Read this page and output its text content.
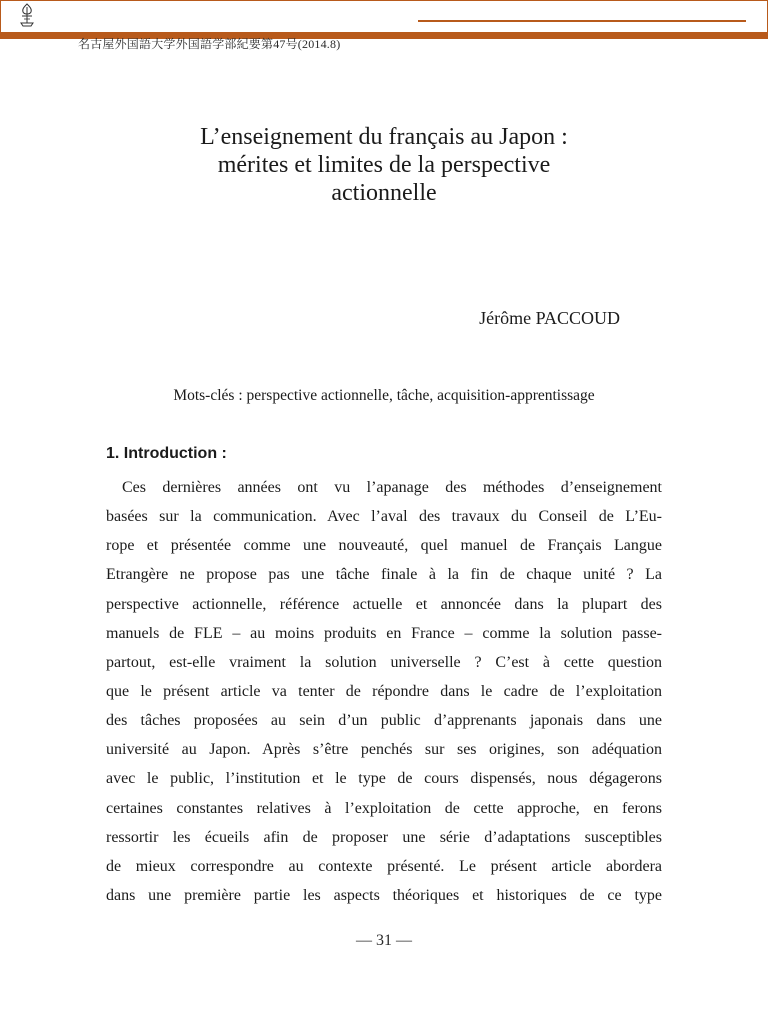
名古屋外国語大学外国語学部紀要第47号(2014.8)
L’enseignement du français au Japon :
mérites et limites de la perspective
actionnelle
Jérôme PACCOUD
Mots-clés : perspective actionnelle, tâche, acquisition-apprentissage
1. Introduction :
Ces dernières années ont vu l’apanage des méthodes d’enseignement
basées sur la communication. Avec l’aval des travaux du Conseil de L’Eu-
rope et présentée comme une nouveauté, quel manuel de Français Langue
Etrangère ne propose pas une tâche finale à la fin de chaque unité ? La
perspective actionnelle, référence actuelle et annoncée dans la plupart des
manuels de FLE – au moins produits en France – comme la solution passe-
partout, est-elle vraiment la solution universelle ? C’est à cette question
que le présent article va tenter de répondre dans le cadre de l’exploitation
des tâches proposées au sein d’un public d’apprenants japonais dans une
université au Japon. Après s’être penchés sur ses origines, son adéquation
avec le public, l’institution et le type de cours dispensés, nous dégagerons
certaines constantes relatives à l’exploitation de cette approche, en ferons
ressortir les écueils afin de proposer une série d’adaptations susceptibles
de mieux correspondre au contexte présenté. Le présent article abordera
dans une première partie les aspects théoriques et historiques de ce type
— 31 —
